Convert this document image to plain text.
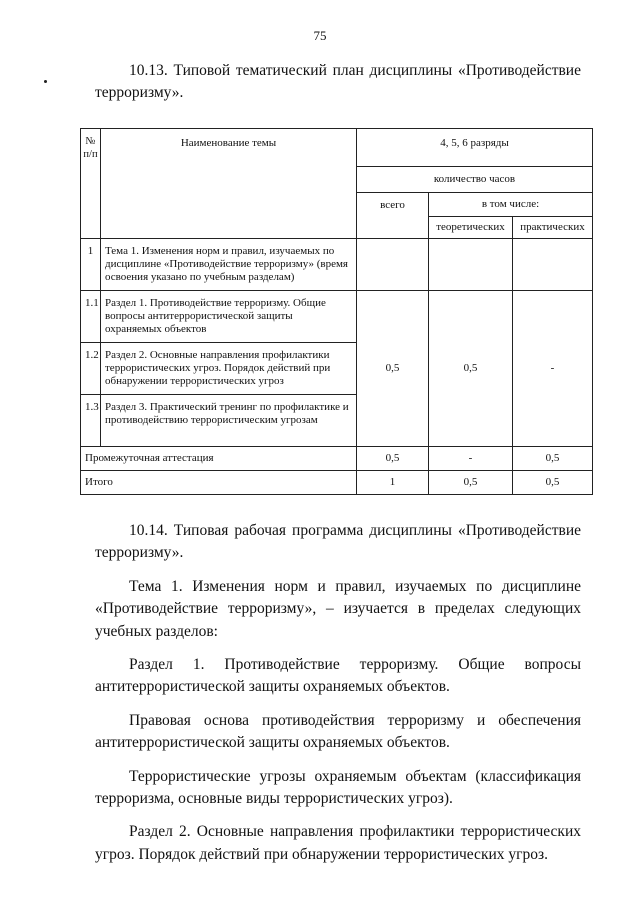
75
10.13. Типовой тематический план дисциплины «Противодействие терроризму».
№ п/п	Наименование темы	4, 5, 6 разряды		
		количество часов		
		всего	в том числе:	
			теоретических	практических
1	Тема 1. Изменения норм и правил, изучаемых по дисциплине «Противодействие терроризму» (время освоения указано по учебным разделам)			
1.1	Раздел 1. Противодействие терроризму. Общие вопросы антитеррористической защиты охраняемых объектов	0,5	0,5	-
1.2	Раздел 2. Основные направления профилактики террористических угроз. Порядок действий при обнаружении террористических угроз			
1.3	Раздел 3. Практический тренинг по профилактике и противодействию террористическим угрозам			
Промежуточная аттестация		0,5	-	0,5
Итого		1	0,5	0,5

10.14. Типовая рабочая программа дисциплины «Противодействие терроризму».

Тема 1. Изменения норм и правил, изучаемых по дисциплине «Противодействие терроризму», – изучается в пределах следующих учебных разделов:

Раздел 1. Противодействие терроризму. Общие вопросы антитеррористической защиты охраняемых объектов.

Правовая основа противодействия терроризму и обеспечения антитеррористической защиты охраняемых объектов.

Террористические угрозы охраняемым объектам (классификация терроризма, основные виды террористических угроз).

Раздел 2. Основные направления профилактики террористических угроз. Порядок действий при обнаружении террористических угроз.
